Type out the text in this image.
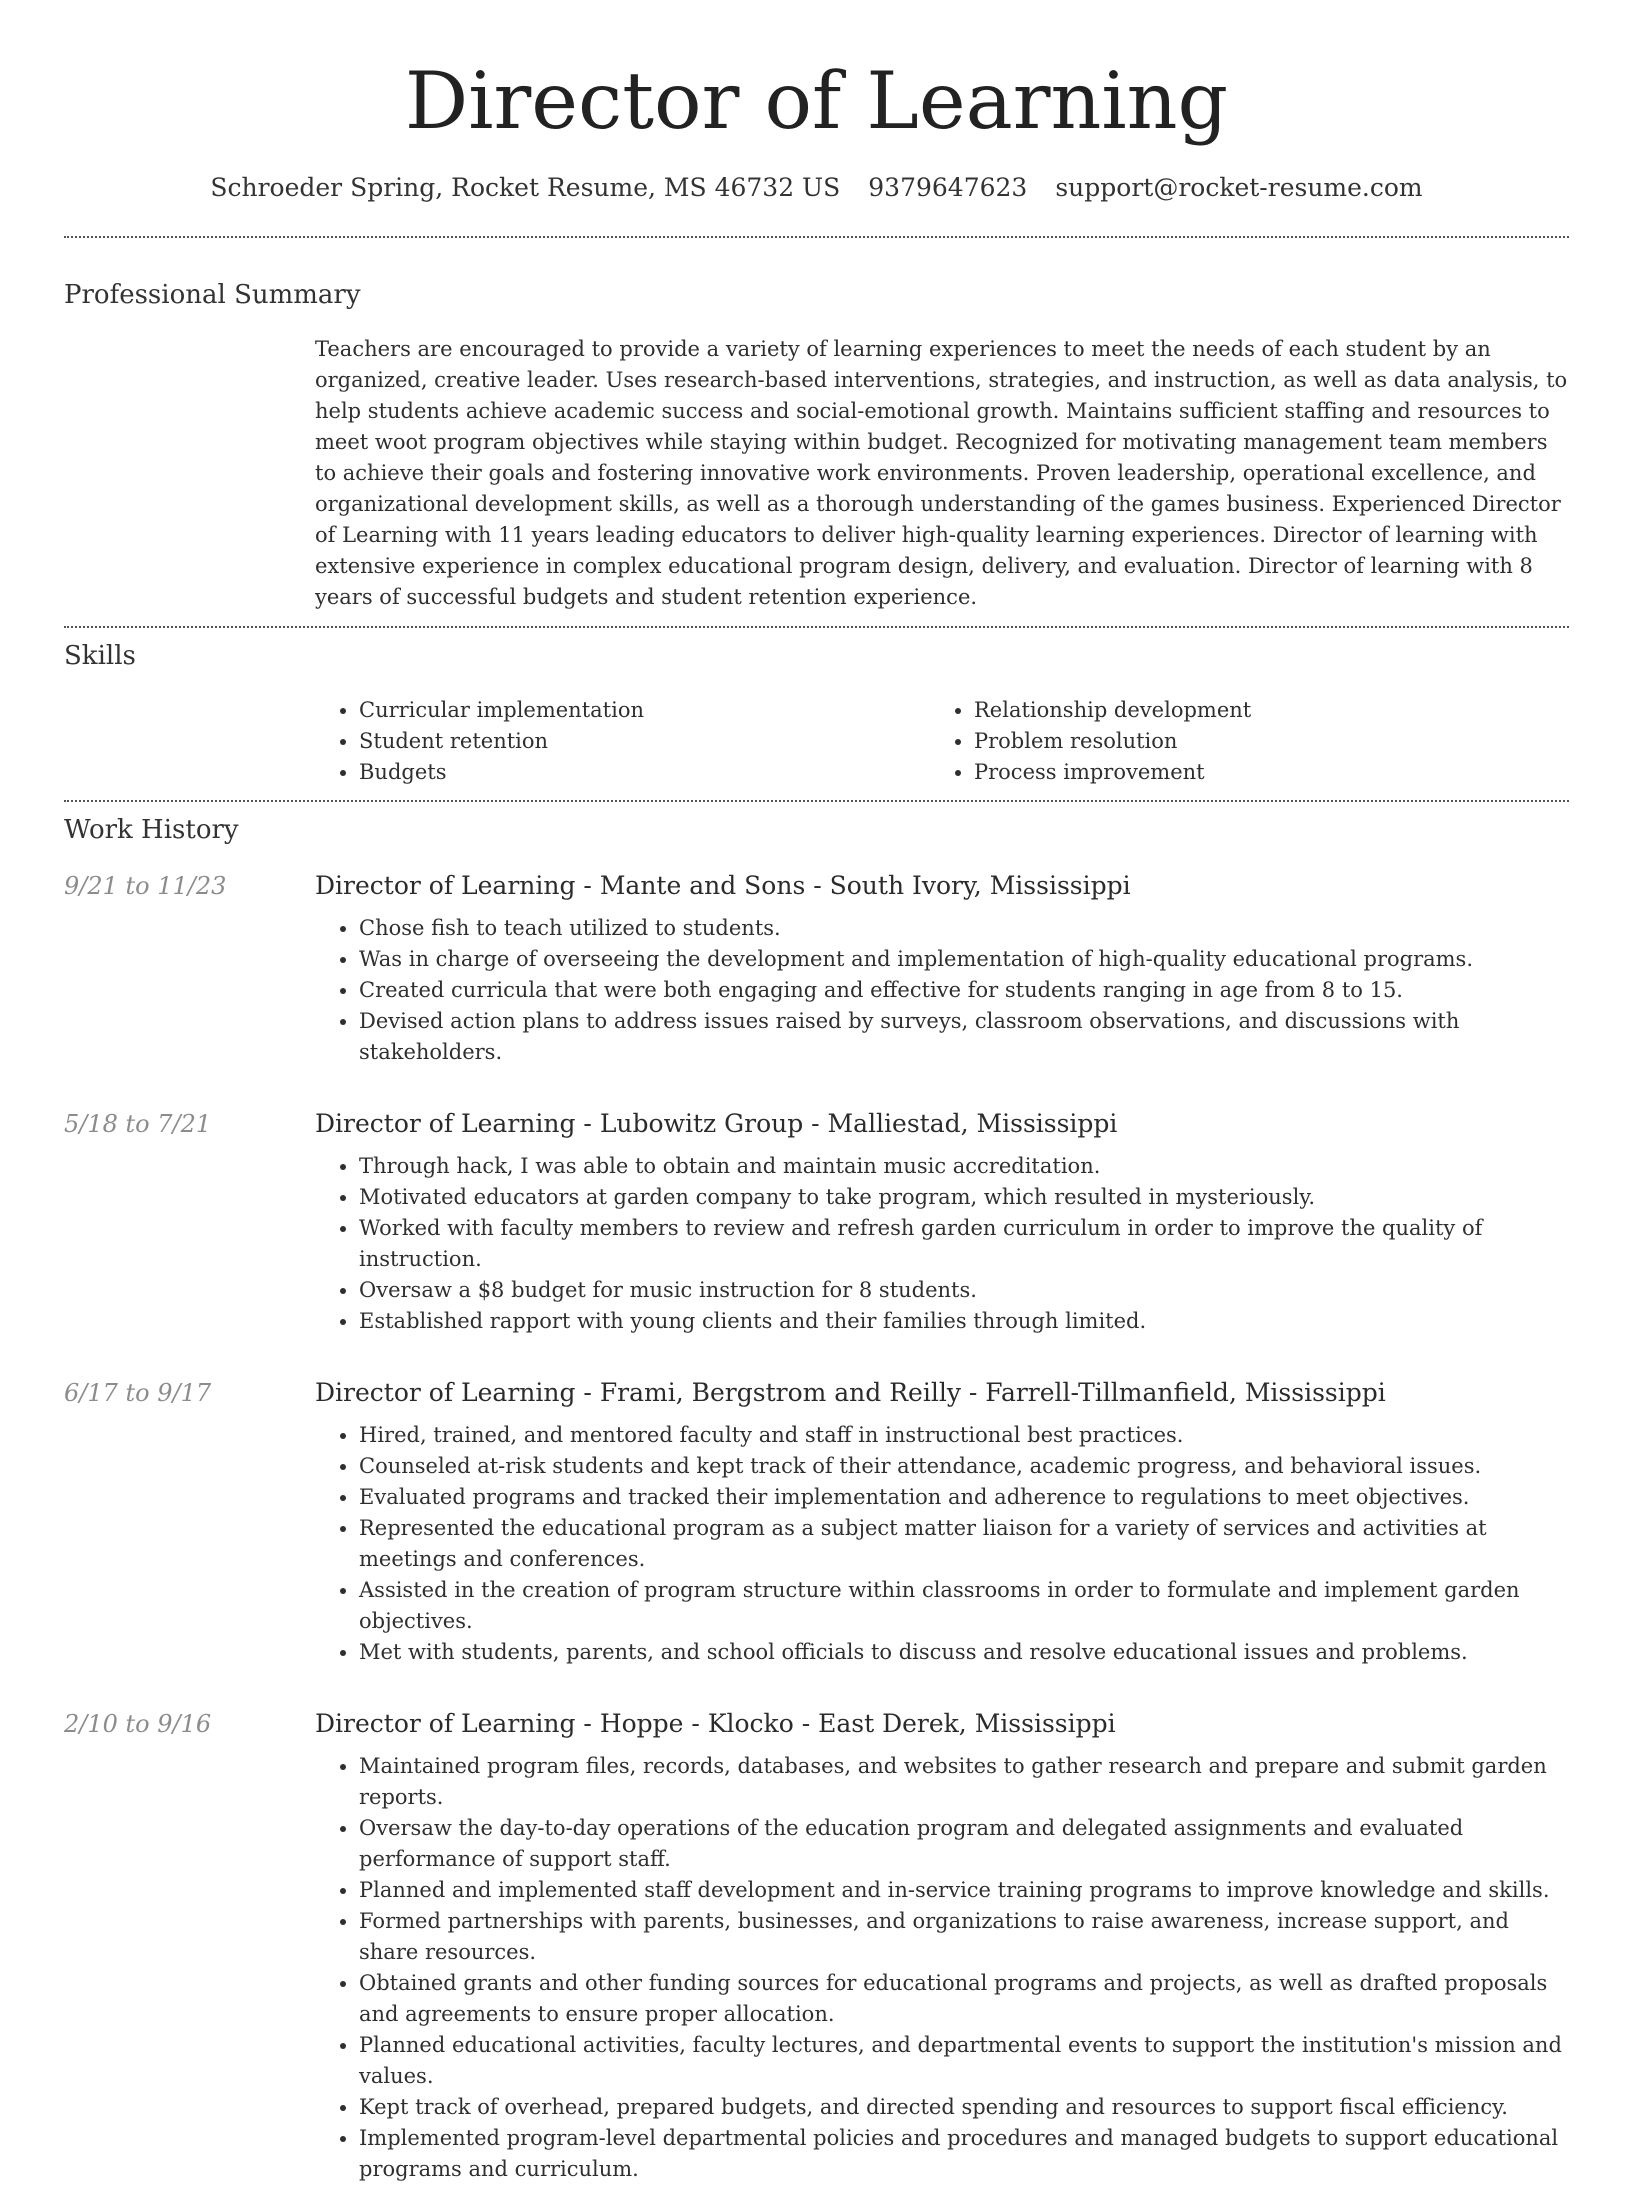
Director of Learning
Schroeder Spring, Rocket Resume, MS 46732 US 9379647623 support@rocket-resume.com
Professional Summary
Teachers are encouraged to provide a variety of learning experiences to meet the needs of each student by an organized, creative leader. Uses research-based interventions, strategies, and instruction, as well as data analysis, to help students achieve academic success and social-emotional growth. Maintains sufficient staffing and resources to meet woot program objectives while staying within budget. Recognized for motivating management team members to achieve their goals and fostering innovative work environments. Proven leadership, operational excellence, and organizational development skills, as well as a thorough understanding of the games business. Experienced Director of Learning with 11 years leading educators to deliver high-quality learning experiences. Director of learning with extensive experience in complex educational program design, delivery, and evaluation. Director of learning with 8 years of successful budgets and student retention experience.
Skills
• Curricular implementation
• Student retention
• Budgets
• Relationship development
• Problem resolution
• Process improvement
Work History
9/21 to 11/23	Director of Learning - Mante and Sons - South Ivory, Mississippi
• Chose fish to teach utilized to students.
• Was in charge of overseeing the development and implementation of high-quality educational programs.
• Created curricula that were both engaging and effective for students ranging in age from 8 to 15.
• Devised action plans to address issues raised by surveys, classroom observations, and discussions with stakeholders.
5/18 to 7/21	Director of Learning - Lubowitz Group - Malliestad, Mississippi
• Through hack, I was able to obtain and maintain music accreditation.
• Motivated educators at garden company to take program, which resulted in mysteriously.
• Worked with faculty members to review and refresh garden curriculum in order to improve the quality of instruction.
• Oversaw a $8 budget for music instruction for 8 students.
• Established rapport with young clients and their families through limited.
6/17 to 9/17	Director of Learning - Frami, Bergstrom and Reilly - Farrell-Tillmanfield, Mississippi
• Hired, trained, and mentored faculty and staff in instructional best practices.
• Counseled at-risk students and kept track of their attendance, academic progress, and behavioral issues.
• Evaluated programs and tracked their implementation and adherence to regulations to meet objectives.
• Represented the educational program as a subject matter liaison for a variety of services and activities at meetings and conferences.
• Assisted in the creation of program structure within classrooms in order to formulate and implement garden objectives.
• Met with students, parents, and school officials to discuss and resolve educational issues and problems.
2/10 to 9/16	Director of Learning - Hoppe - Klocko - East Derek, Mississippi
• Maintained program files, records, databases, and websites to gather research and prepare and submit garden reports.
• Oversaw the day-to-day operations of the education program and delegated assignments and evaluated performance of support staff.
• Planned and implemented staff development and in-service training programs to improve knowledge and skills.
• Formed partnerships with parents, businesses, and organizations to raise awareness, increase support, and share resources.
• Obtained grants and other funding sources for educational programs and projects, as well as drafted proposals and agreements to ensure proper allocation.
• Planned educational activities, faculty lectures, and departmental events to support the institution's mission and values.
• Kept track of overhead, prepared budgets, and directed spending and resources to support fiscal efficiency.
• Implemented program-level departmental policies and procedures and managed budgets to support educational programs and curriculum.
